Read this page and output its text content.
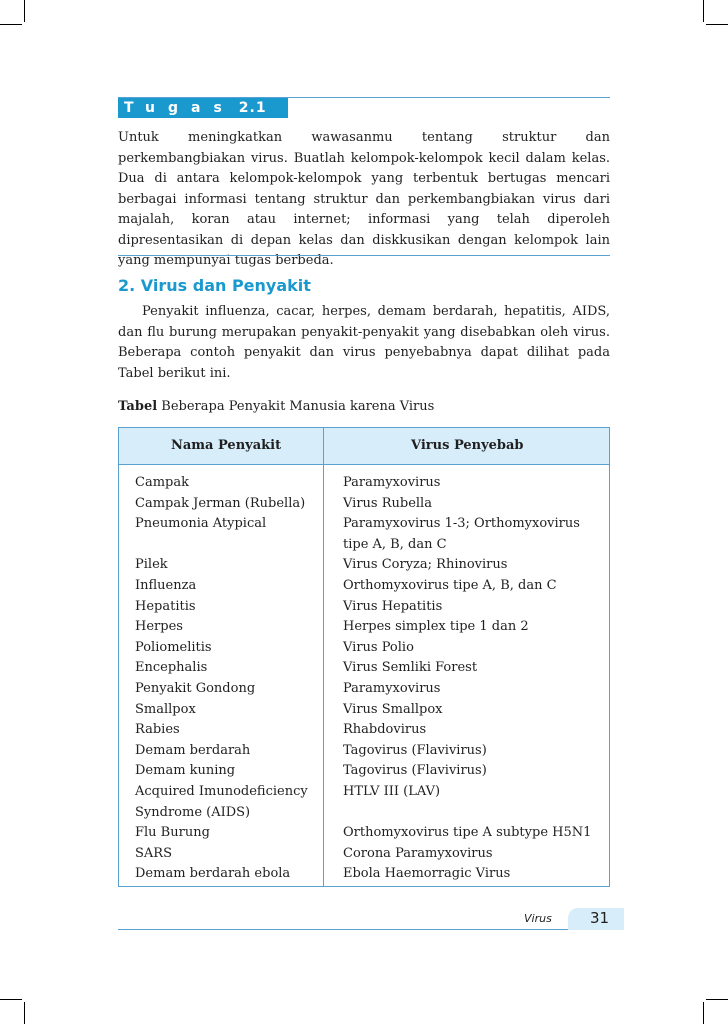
Tugas 2.1

Untuk meningkatkan wawasanmu tentang struktur dan perkembangbiakan virus. Buatlah kelompok-kelompok kecil dalam kelas. Dua di antara kelompok-kelompok yang terbentuk bertugas mencari berbagai informasi tentang struktur dan perkembangbiakan virus dari majalah, koran atau internet; informasi yang telah diperoleh dipresentasikan di depan kelas dan diskkusikan dengan kelompok lain yang mempunyai tugas berbeda.

2. Virus dan Penyakit

Penyakit influenza, cacar, herpes, demam berdarah, hepatitis, AIDS, dan flu burung merupakan penyakit-penyakit yang disebabkan oleh virus. Beberapa contoh penyakit dan virus penyebabnya dapat dilihat pada Tabel berikut ini.

Tabel Beberapa Penyakit Manusia karena Virus
Nama Penyakit	Virus Penyebab
Campak	Paramyxovirus
Campak Jerman (Rubella)	Virus Rubella
Pneumonia Atypical	Paramyxovirus 1-3; Orthomyxovirus
tipe A, B, dan C
Pilek	Virus Coryza; Rhinovirus
Influenza	Orthomyxovirus tipe A, B, dan C
Hepatitis	Virus Hepatitis
Herpes	Herpes simplex tipe 1 dan 2
Poliomelitis	Virus Polio
Encephalis	Virus Semliki Forest
Penyakit Gondong	Paramyxovirus
Smallpox	Virus Smallpox
Rabies	Rhabdovirus
Demam berdarah	Tagovirus (Flavivirus)
Demam kuning	Tagovirus (Flavivirus)
Acquired Imunodeficiency	HTLV III (LAV)
Syndrome (AIDS)
Flu Burung	Orthomyxovirus tipe A subtype H5N1
SARS	Corona Paramyxovirus
Demam berdarah ebola	Ebola Haemorragic Virus
Virus	31
